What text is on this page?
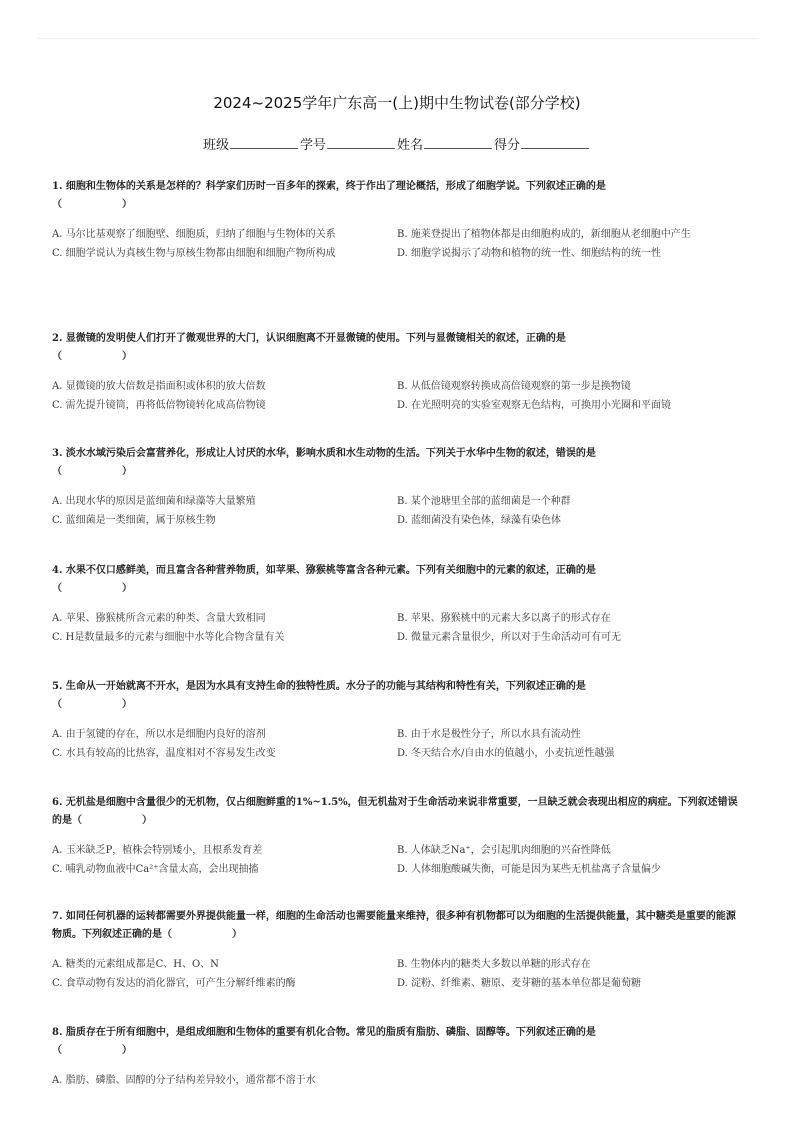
2024~2025学年广东高一(上)期中生物试卷(部分学校)
班级	学号	姓名	得分

1. 细胞和生物体的关系是怎样的？科学家们历时一百多年的探索，终于作出了理论概括，形成了细胞学说。下列叙述正确的是

（　　　　　　）

A. 马尔比基观察了细胞壁、细胞质，归纳了细胞与生物体的关系	B. 施莱登提出了植物体都是由细胞构成的，新细胞从老细胞中产生
C. 细胞学说认为真核生物与原核生物都由细胞和细胞产物所构成	D. 细胞学说揭示了动物和植物的统一性、细胞结构的统一性

2. 显微镜的发明使人们打开了微观世界的大门，认识细胞离不开显微镜的使用。下列与显微镜相关的叙述，正确的是

（　　　　　　）

A. 显微镜的放大倍数是指面积或体积的放大倍数	B. 从低倍镜观察转换成高倍镜观察的第一步是换物镜
C. 需先提升镜筒，再将低倍物镜转化成高倍物镜	D. 在光照明亮的实验室观察无色结构，可换用小光圈和平面镜

3. 淡水水域污染后会富营养化，形成让人讨厌的水华，影响水质和水生动物的生活。下列关于水华中生物的叙述，错误的是

（　　　　　　）

A. 出现水华的原因是蓝细菌和绿藻等大量繁殖	B. 某个池塘里全部的蓝细菌是一个种群
C. 蓝细菌是一类细菌，属于原核生物	D. 蓝细菌没有染色体，绿藻有染色体

4. 水果不仅口感鲜美，而且富含各种营养物质，如苹果、猕猴桃等富含各种元素。下列有关细胞中的元素的叙述，正确的是

（　　　　　　）

A. 苹果、猕猴桃所含元素的种类、含量大致相同	B. 苹果、猕猴桃中的元素大多以离子的形式存在
C. H是数量最多的元素与细胞中水等化合物含量有关	D. 微量元素含量很少，所以对于生命活动可有可无

5. 生命从一开始就离不开水，是因为水具有支持生命的独特性质。水分子的功能与其结构和特性有关，下列叙述正确的是

（　　　　　　）

A. 由于氢键的存在，所以水是细胞内良好的溶剂	B. 由于水是极性分子，所以水具有流动性
C. 水具有较高的比热容，温度相对不容易发生改变	D. 冬天结合水/自由水的值越小，小麦抗逆性越强

6. 无机盐是细胞中含量很少的无机物，仅占细胞鲜重的1%~1.5%，但无机盐对于生命活动来说非常重要，一旦缺乏就会表现出相应的病症。下列叙述错误的是（　　　　　　）

A. 玉米缺乏P，植株会特别矮小，且根系发育差	B. 人体缺乏Na⁺，会引起肌肉细胞的兴奋性降低
C. 哺乳动物血液中Ca²⁺含量太高，会出现抽搐	D. 人体细胞酸碱失衡，可能是因为某些无机盐离子含量偏少

7. 如同任何机器的运转都需要外界提供能量一样，细胞的生命活动也需要能量来维持，很多种有机物都可以为细胞的生活提供能量，其中糖类是重要的能源物质。下列叙述正确的是（　　　　　　）

A. 糖类的元素组成都是C、H、O、N	B. 生物体内的糖类大多数以单糖的形式存在
C. 食草动物有发达的消化器官，可产生分解纤维素的酶	D. 淀粉、纤维素、糖原、麦芽糖的基本单位都是葡萄糖

8. 脂质存在于所有细胞中，是组成细胞和生物体的重要有机化合物。常见的脂质有脂肪、磷脂、固醇等。下列叙述正确的是

（　　　　　　）

A. 脂肪、磷脂、固醇的分子结构差异较小，通常都不溶于水
